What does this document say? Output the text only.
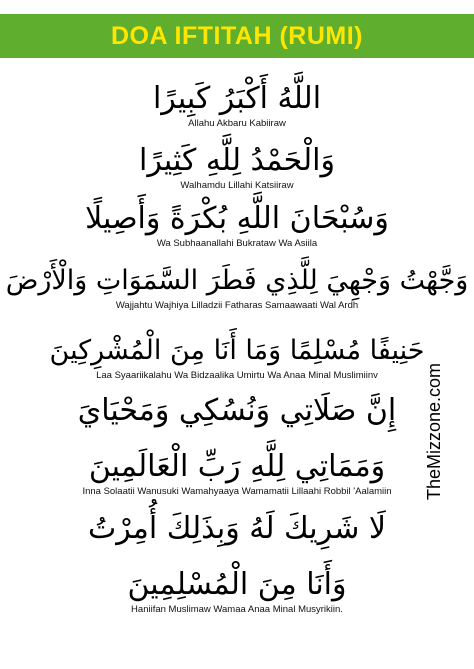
DOA IFTITAH (RUMI)
اللَّهُ أَكْبَرُ كَبِيرًا
Allahu Akbaru Kabiiraw
وَالْحَمْدُ لِلَّهِ كَثِيرًا
Walhamdu Lillahi Katsiiraw
وَسُبْحَانَ اللَّهِ بُكْرَةً وَأَصِيلًا
Wa Subhaanallahi Bukrataw Wa Asiila
وَجَّهْتُ وَجْهِيَ لِلَّذِي فَطَرَ السَّمَوَاتِ وَالْأَرْضَ
Wajjahtu Wajhiya Lilladzii Fatharas Samaawaati Wal Ardh
حَنِيفًا مُسْلِمًا وَمَا أَنَا مِنَ الْمُشْرِكِينَ
Laa Syaariikalahu Wa Bidzaalika Umirtu Wa Anaa Minal Muslimiinv
إِنَّ صَلَاتِي وَنُسُكِي وَمَحْيَايَ
وَمَمَاتِي لِلَّهِ رَبِّ الْعَالَمِينَ
Inna Solaatii Wanusuki Wamahyaaya Wamamatii Lillaahi Robbil 'Aalamiin
لَا شَرِيكَ لَهُ وَبِذَلِكَ أُمِرْتُ
وَأَنَا مِنَ الْمُسْلِمِينَ
Haniifan Muslimaw Wamaa Anaa Minal Musyrikiin.
TheMizzone.com
